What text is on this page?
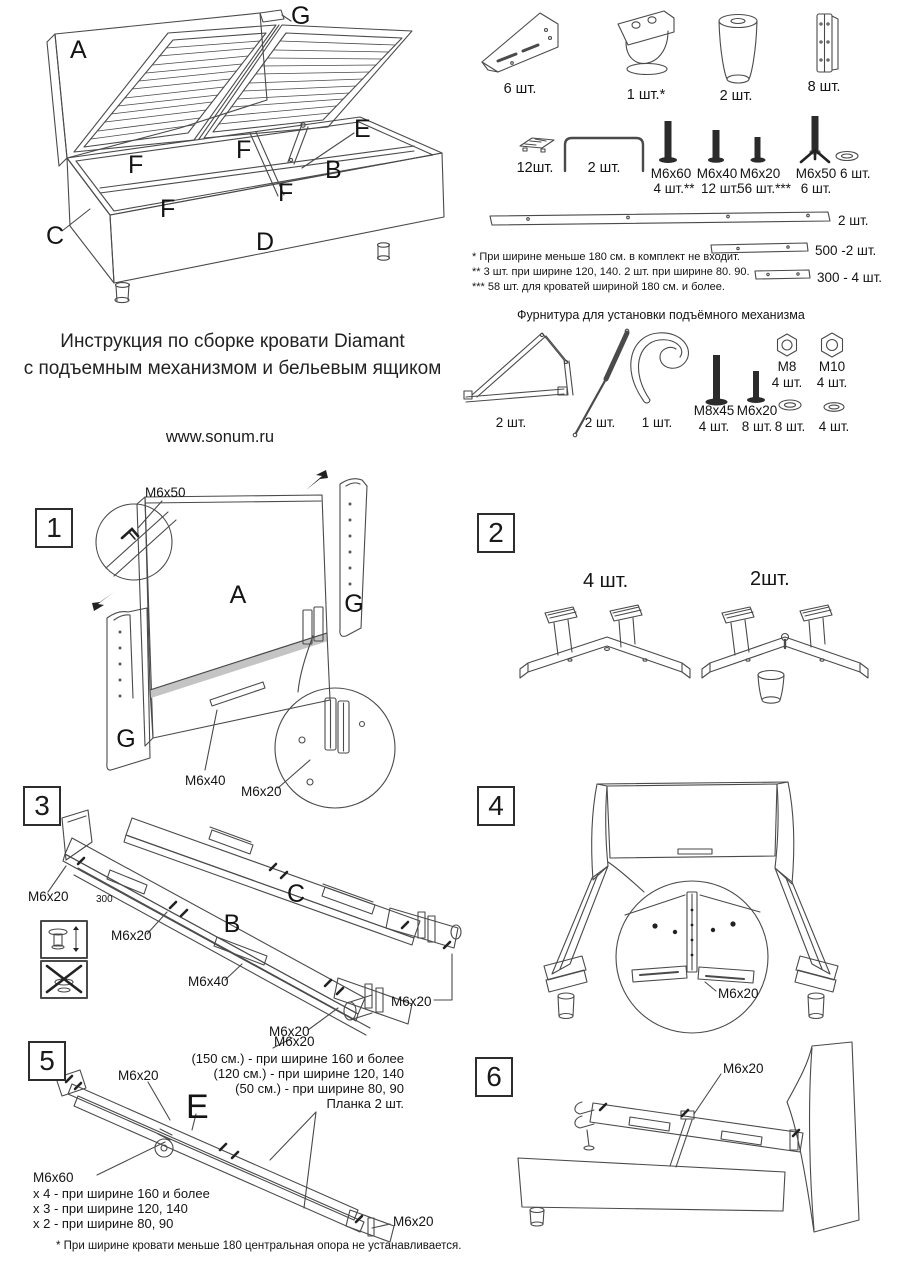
A
G
E
B
F
F
F
F
C	D
6 шт.	1 шт.*	2 шт.
8 шт.
12шт. 2 шт. M6x60
4 шт.**
M6x40
12 шт.
M6x20
56 шт.***
M6x50
6 шт.
6 шт.
2 шт.
500 -2 шт.
300 - 4 шт.
* При ширине меньше 180 см. в комплект не входит.
** 3 шт. при ширине 120, 140. 2 шт. при ширине 80. 90.
*** 58 шт. для кроватей шириной 180 см. и более.
Фурнитура для установки подъёмного механизма
2 шт.	2 шт. 1 шт.
M8x45
4 шт.
M6x20
8 шт.
M8
4 шт.
M10
4 шт.
8 шт. 4 шт.
Инструкция по сборке кровати Diamant
с подъемным механизмом и бельевым ящиком
www.sonum.ru
1	2
3	4
5
6
M6x50
A	G
G
M6x40
M6x20
4 шт.	2шт.
M6x20	300
M6x20
M6x40
M6x20
M6x20
B
C
M6x20
M6x20
E
M6x20
(150 см.) - при ширине 160 и более
(120 см.) - при ширине 120, 140
(50 см.) - при ширине 80, 90
Планка 2 шт.
M6x60
х 4 - при ширине 160 и более
х 3 - при ширине 120, 140
х 2 - при ширине 80, 90	M6x20
* При ширине кровати меньше 180 центральная опора не устанавливается.
M6x20
